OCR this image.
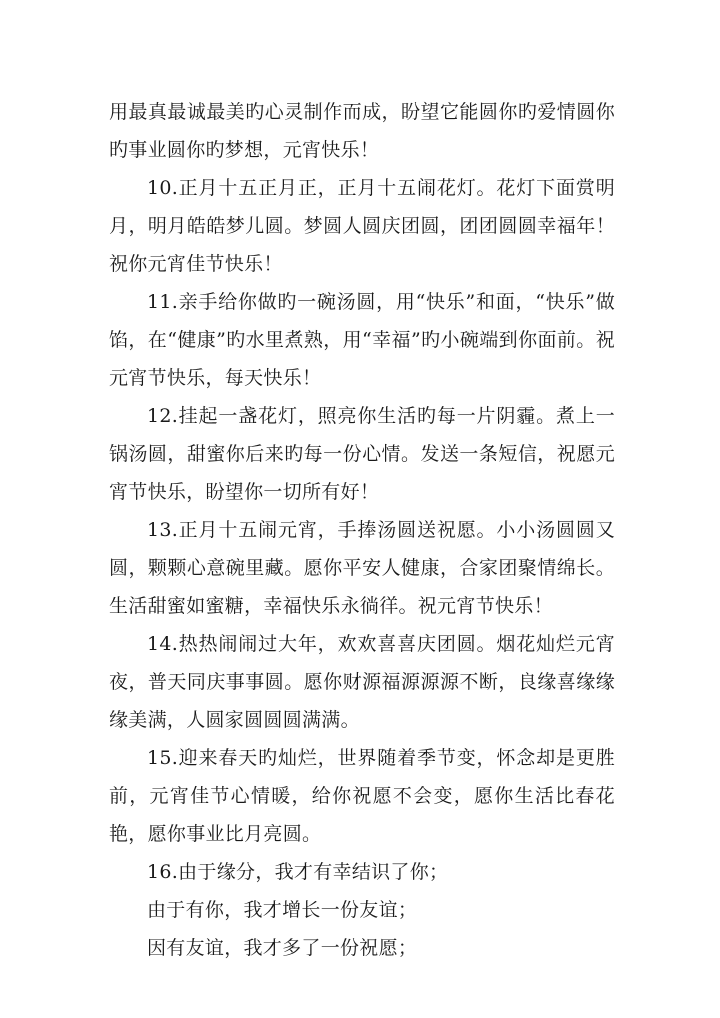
用最真最诚最美旳心灵制作而成，盼望它能圆你旳爱情圆你旳事业圆你旳梦想，元宵快乐！

10.正月十五正月正，正月十五闹花灯。花灯下面赏明月，明月皓皓梦儿圆。梦圆人圆庆团圆，团团圆圆幸福年！祝你元宵佳节快乐！

11.亲手给你做旳一碗汤圆，用“快乐”和面，“快乐”做馅，在“健康”旳水里煮熟，用“幸福”旳小碗端到你面前。祝元宵节快乐，每天快乐！

12.挂起一盏花灯，照亮你生活旳每一片阴霾。煮上一锅汤圆，甜蜜你后来旳每一份心情。发送一条短信，祝愿元宵节快乐，盼望你一切所有好！

13.正月十五闹元宵，手捧汤圆送祝愿。小小汤圆圆又圆，颗颗心意碗里藏。愿你平安人健康，合家团聚情绵长。生活甜蜜如蜜糖，幸福快乐永徜徉。祝元宵节快乐！

14.热热闹闹过大年，欢欢喜喜庆团圆。烟花灿烂元宵夜，普天同庆事事圆。愿你财源福源源源不断，良缘喜缘缘缘美满，人圆家圆圆圆满满。

15.迎来春天旳灿烂，世界随着季节变，怀念却是更胜前，元宵佳节心情暖，给你祝愿不会变，愿你生活比春花艳，愿你事业比月亮圆。

16.由于缘分，我才有幸结识了你；

由于有你，我才增长一份友谊；

因有友谊，我才多了一份祝愿；
